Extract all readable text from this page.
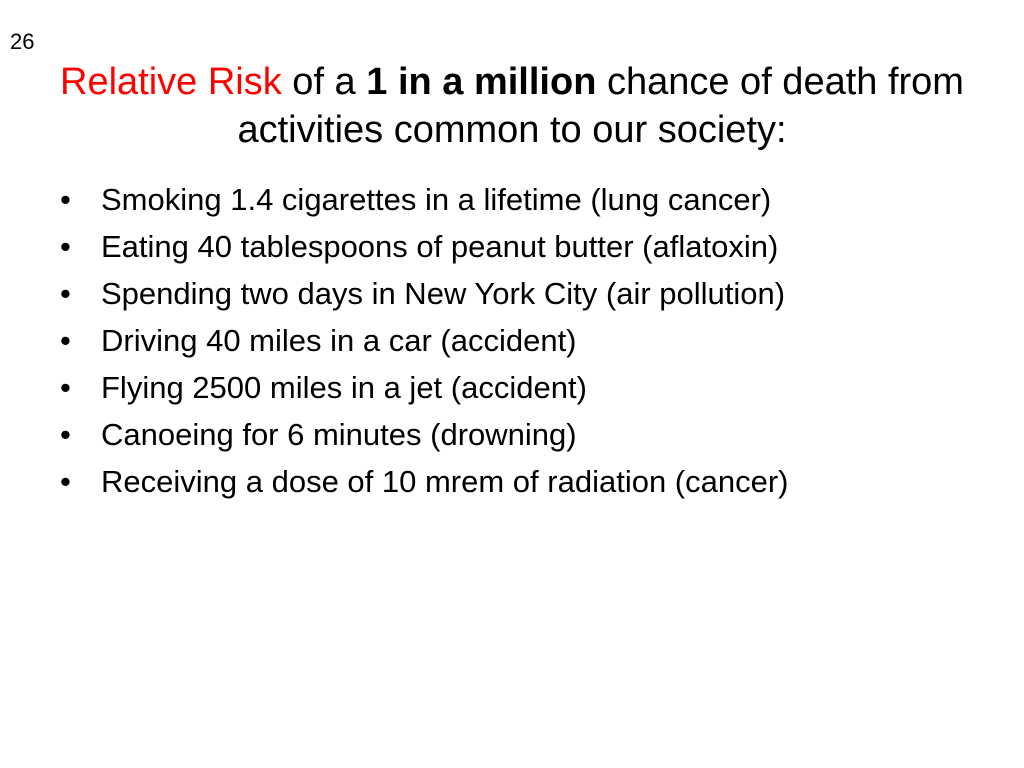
26
Relative Risk of a 1 in a million chance of death from activities common to our society:
• Smoking 1.4 cigarettes in a lifetime (lung cancer)
• Eating 40 tablespoons of peanut butter (aflatoxin)
• Spending two days in New York City (air pollution)
• Driving 40 miles in a car (accident)
• Flying 2500 miles in a jet (accident)
• Canoeing for 6 minutes (drowning)
• Receiving a dose of 10 mrem of radiation (cancer)
